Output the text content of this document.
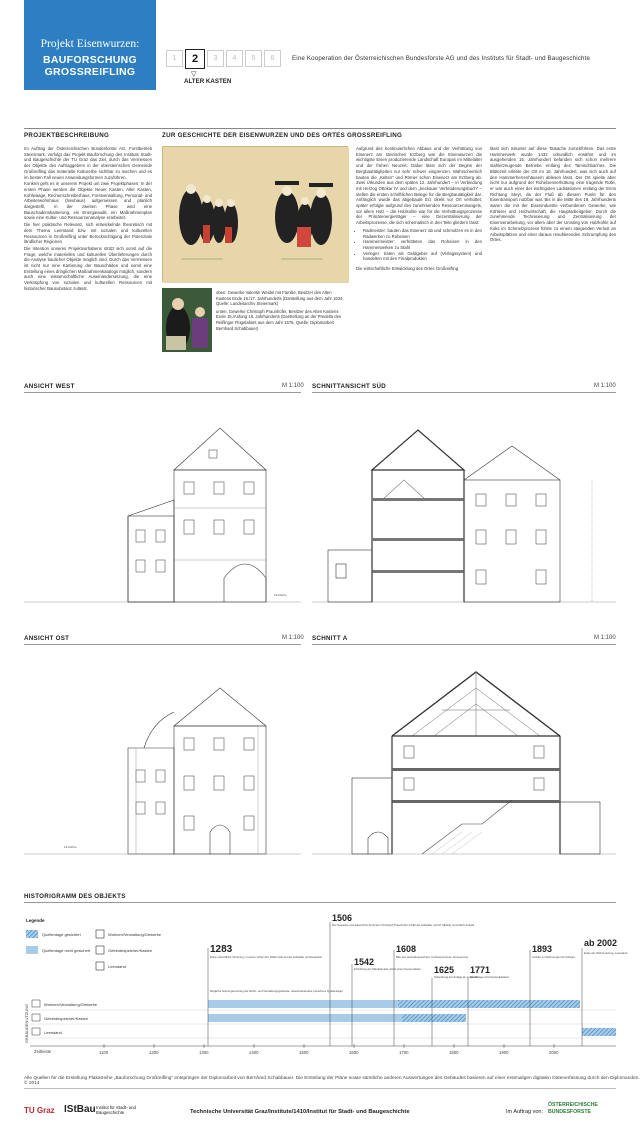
Projekt Eisenwurzen:
BAUFORSCHUNG
GROSSREIFLING
1	2	3	4	5	6
▽
ALTER KASTEN
Eine Kooperation der Österreichischen Bundesforste AG und des Instituts für Stadt- und Baugeschichte
PROJEKTBESCHREIBUNG

Im Auftrag der Österreichischen Bundesforste AG, Forstbetrieb Steiermark, verfolgt das Projekt Bauforschung des Instituts Stadt- und Baugeschichte der TU Graz das Ziel, durch das Vermessen der Objekte des Auftraggebers in der obersteirischen Gemeinde Großreifling das materielle Kulturerbe sichtbar zu machen und es im besten Fall neuen Anwendungsformen zuzuführen.

Konkret geht es in unserem Projekt um zwei Projektphasen: In der ersten Phase werden die Objekte Neuer Kasten, Alter Kasten, Kohlwaage, Rechenschreiberhaus, Forstverwaltung, Personal- und Arbeiterwohnhaus (Neuhaus) aufgemessen und planlich dargestellt, in der zweiten Phase wird eine Bauschadenskartierung, ein Energieaudit, ein Maßnahmenplan sowie eine Kultur- und Ressourcenanalyse erarbeitet.

Die hier praktische Relevanz, sich entwickelnde theoretisch mit dem Thema Leerstand bzw. mit sozialen und kulturellen Ressourcen in Großreifling unter Berücksichtigung der Potenziale ländlicher Regionen.

Die Intention unseres Projektvorhabens stützt sich somit auf die Frage, welche materiellen und kulturellen Überlieferungen durch die Analyse baulicher Objekte möglich sind. Durch das Vermessen ist nicht nur eine Kartierung der Bauschäden und somit eine Erstellung eines dringlichen Maßnahmenkatalogs möglich, sondern auch eine wissenschaftliche Auseinandersetzung, die eine Verknüpfung von sozialen und kulturellen Ressourcen mit historischer Bausubstanz zulässt.

ZUR GESCHICHTE DER EISENWURZEN UND DES ORTES GROSSREIFLING

oben: Gewerke Valentin Weidel mit Familie, Besitzer des Alten Kastens Ende 16./17. Jahrhunderts (Darstellung aus dem Jahr 1634, Quelle: Landesarchiv Steiermark)

unten: Gewerke Christoph Praunhofer, Besitzer des Alten Kastens Ende 15./Anfang 16. Jahrhunderts (Darstellung an der Predella des Reiflinger Flügelaltars aus dem Jahr 1576, Quelle: Diplomarbeit Bernhard Schabbauer)

Aufgrund des kontinuierlichen Abbaus und der Verhüttung von Eisenerz am steirischen Erzberg war die Eisenwurzen die wichtigste Eisen produzierende Landschaft Europas im Mittelalter und der frühen Neuzeit. Dabei lässt sich der Beginn der Bergbautätigkeiten nur sehr schwer eingrenzen. Wahrscheinlich bauten die „Kelten“ und Römer schon Eisenerz am Erzberg ab. Zwei Urkunden aus dem späten 12. Jahrhundert – in Verbindung mit Herzog Ottokar IV und dem „Seckauer Verbrüderungsbuch“ – stellen die ersten schriftlichen Belege für die Bergbautätigkeit dar. Anfänglich wurde das abgebaute Erz direkt vor Ort verhüttet, später erfolgte aufgrund des zunehmenden Ressourcenmangels, vor allem Holz – die Holzkohle war für die Verhüttungsprozesse der Primärenergieträger – eine Dezentralisierung der Arbeitsprozesse, die sich schematisch in drei Teile gliedern lässt:

• Radmeister: bauten das Eisenerz ab und schmolzen es in den Radwerken zu Roheisen
• Hammermeister: verhütteten das Roheisen in den Hammerwerken zu Stahl
• Verleger: traten als Geldgeber auf (Verlagssystem) und handelten mit den Finalprodukten

Die wirtschaftliche Entwicklung des Ortes Großreifling

lässt sich mitunter auf diese Tatsache zurückführen. Das erste Hammerwerk wurde 1432 urkundlich erwähnt und im ausgehenden 15. Jahrhundert befanden sich schon mehrere stahlerzeugende Betriebe entlang des Tamischbaches. Die Blütezeit erlebte der Ort im 16. Jahrhundert, was sich auch auf den Hammerherrenhäusern ablesen lässt. Der Ort spielte aber nicht nur aufgrund der Roheisenverhüttung eine tragende Rolle, er war auch einer der wichtigsten Ladstationen entlang der Enns Richtung Steyr, da der Fluß ab diesem Punkt für den Eisentransport nutzbar war. Bis in die Mitte des 19. Jahrhunderts waren die mit der Eisenindustrie verbundenen Gewerke, wie Köhlerei und Holzwirtschaft, die Hauptarbeitgeber. Durch die zunehmende Technisierung und Zentralisierung der Eisenverarbeitung, vor allem aber der Umstieg von Holzkohle auf Koks im Schmelzprozess führte zu einem steigenden Verlust an Arbeitsplätzen und einer daraus resultierenden Schrumpfung des Ortes.

ANSICHT WEST	M 1:100 SCHNITTANSICHT SÜD	M 1:100
ANSICHT OST	M 1:100 SCHNITT A	M 1:100
Firsthöhe
Firsthöhe
HISTORIGRAMM DES OBJEKTS
Legende
Quellenlage gesichert
Quellenlage nicht gesichert
Wohnen/Verwaltung/Gewerbe
Getreidespeicher/Kasten
Leerstand
GEBÄUDENUTZUNG	Wohnen/Verwaltung/Gewerbe
Getreidespeicher/Kasten
Leerstand
1283
1506
1542
1608
1625 1771
1893
ab 2002
Erste urkundliche Nennung; in einem Urbar des Stiftes Admont als Hofstätte und Hauptsitz
Der Gewerke und kaiserliche Amtmann Christoph Praunhofer erhält die Hofstätte (mit M. Mitteis) vermutlich Ankauf
Errichtung der Mautfassade durch einen Kamen-Erker
Bau des Getreidespeichers; Umbauprozesse, Erneuerung
Schenkung der Anlage an Leopold I.
Die Anlage wird Getreidekasten
Umbau zu Wohnungen für Arbeiter
Ende der Wohnnutzung; Leerstand
Mögliche Nutzungsnutzung als Wohn- und Verwaltungsgebäude, Gewerbebetriebe (unsichere Quellenlage)
Zeitleiste	1100	1200	1300	1400	1500	1600	1700	1800	1900	2000
Alle Quellen für die Erstellung Plakatreihe „Bauforschung Großreifling“ entspringen der Diplomarbeit von Bernhard Schabbauer. Die Erstellung der Pläne sowie sämtliche anderen Auswertungen des Gebäudes basieren auf einer erstmaligen digitalen Datenerfassung durch den Diplomanden. © 2014
TU Graz IStBau Institut für Stadt- und Baugeschichte	Technische Universität Graz/Institute/1410/Institut für Stadt- und Baugeschichte	Im Auftrag von:
ÖSTERREICHISCHE
BUNDESFORSTE
